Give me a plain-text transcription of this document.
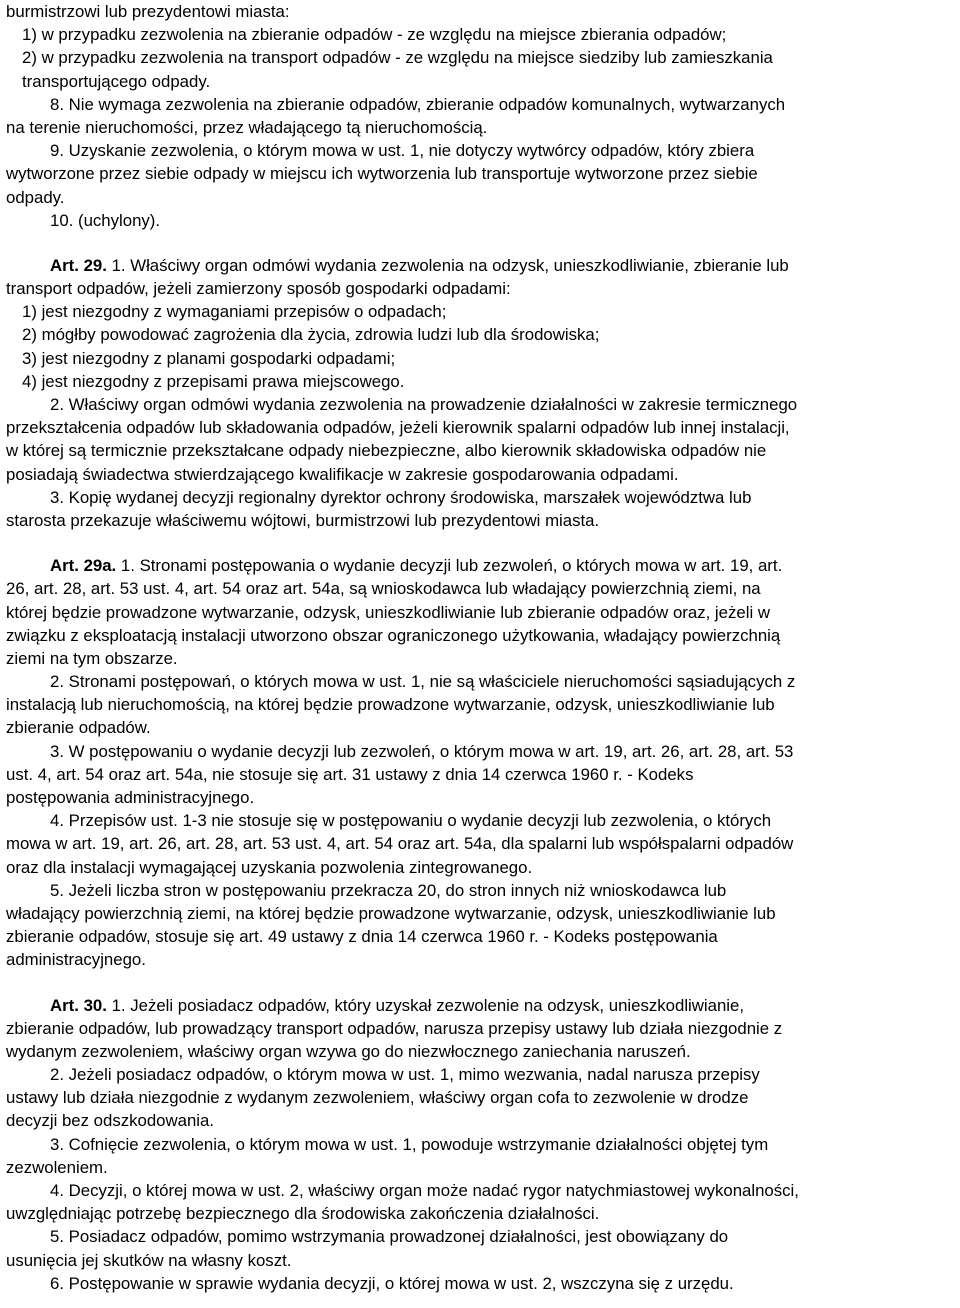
burmistrzowi lub prezydentowi miasta:
1) w przypadku zezwolenia na zbieranie odpadów - ze względu na miejsce zbierania odpadów;
2) w przypadku zezwolenia na transport odpadów - ze względu na miejsce siedziby lub zamieszkania
transportującego odpady.
8. Nie wymaga zezwolenia na zbieranie odpadów, zbieranie odpadów komunalnych, wytwarzanych
na terenie nieruchomości, przez władającego tą nieruchomością.
9. Uzyskanie zezwolenia, o którym mowa w ust. 1, nie dotyczy wytwórcy odpadów, który zbiera
wytworzone przez siebie odpady w miejscu ich wytworzenia lub transportuje wytworzone przez siebie
odpady.
10. (uchylony).
Art. 29. 1. Właściwy organ odmówi wydania zezwolenia na odzysk, unieszkodliwianie, zbieranie lub
transport odpadów, jeżeli zamierzony sposób gospodarki odpadami:
1) jest niezgodny z wymaganiami przepisów o odpadach;
2) mógłby powodować zagrożenia dla życia, zdrowia ludzi lub dla środowiska;
3) jest niezgodny z planami gospodarki odpadami;
4) jest niezgodny z przepisami prawa miejscowego.
2. Właściwy organ odmówi wydania zezwolenia na prowadzenie działalności w zakresie termicznego
przekształcenia odpadów lub składowania odpadów, jeżeli kierownik spalarni odpadów lub innej instalacji,
w której są termicznie przekształcane odpady niebezpieczne, albo kierownik składowiska odpadów nie
posiadają świadectwa stwierdzającego kwalifikacje w zakresie gospodarowania odpadami.
3. Kopię wydanej decyzji regionalny dyrektor ochrony środowiska, marszałek województwa lub
starosta przekazuje właściwemu wójtowi, burmistrzowi lub prezydentowi miasta.
Art. 29a. 1. Stronami postępowania o wydanie decyzji lub zezwoleń, o których mowa w art. 19, art.
26, art. 28, art. 53 ust. 4, art. 54 oraz art. 54a, są wnioskodawca lub władający powierzchnią ziemi, na
której będzie prowadzone wytwarzanie, odzysk, unieszkodliwianie lub zbieranie odpadów oraz, jeżeli w
związku z eksploatacją instalacji utworzono obszar ograniczonego użytkowania, władający powierzchnią
ziemi na tym obszarze.
2. Stronami postępowań, o których mowa w ust. 1, nie są właściciele nieruchomości sąsiadujących z
instalacją lub nieruchomością, na której będzie prowadzone wytwarzanie, odzysk, unieszkodliwianie lub
zbieranie odpadów.
3. W postępowaniu o wydanie decyzji lub zezwoleń, o którym mowa w art. 19, art. 26, art. 28, art. 53
ust. 4, art. 54 oraz art. 54a, nie stosuje się art. 31 ustawy z dnia 14 czerwca 1960 r. - Kodeks
postępowania administracyjnego.
4. Przepisów ust. 1-3 nie stosuje się w postępowaniu o wydanie decyzji lub zezwolenia, o których
mowa w art. 19, art. 26, art. 28, art. 53 ust. 4, art. 54 oraz art. 54a, dla spalarni lub współspalarni odpadów
oraz dla instalacji wymagającej uzyskania pozwolenia zintegrowanego.
5. Jeżeli liczba stron w postępowaniu przekracza 20, do stron innych niż wnioskodawca lub
władający powierzchnią ziemi, na której będzie prowadzone wytwarzanie, odzysk, unieszkodliwianie lub
zbieranie odpadów, stosuje się art. 49 ustawy z dnia 14 czerwca 1960 r. - Kodeks postępowania
administracyjnego.
Art. 30. 1. Jeżeli posiadacz odpadów, który uzyskał zezwolenie na odzysk, unieszkodliwianie,
zbieranie odpadów, lub prowadzący transport odpadów, narusza przepisy ustawy lub działa niezgodnie z
wydanym zezwoleniem, właściwy organ wzywa go do niezwłocznego zaniechania naruszeń.
2. Jeżeli posiadacz odpadów, o którym mowa w ust. 1, mimo wezwania, nadal narusza przepisy
ustawy lub działa niezgodnie z wydanym zezwoleniem, właściwy organ cofa to zezwolenie w drodze
decyzji bez odszkodowania.
3. Cofnięcie zezwolenia, o którym mowa w ust. 1, powoduje wstrzymanie działalności objętej tym
zezwoleniem.
4. Decyzji, o której mowa w ust. 2, właściwy organ może nadać rygor natychmiastowej wykonalności,
uwzględniając potrzebę bezpiecznego dla środowiska zakończenia działalności.
5. Posiadacz odpadów, pomimo wstrzymania prowadzonej działalności, jest obowiązany do
usunięcia jej skutków na własny koszt.
6. Postępowanie w sprawie wydania decyzji, o której mowa w ust. 2, wszczyna się z urzędu.
